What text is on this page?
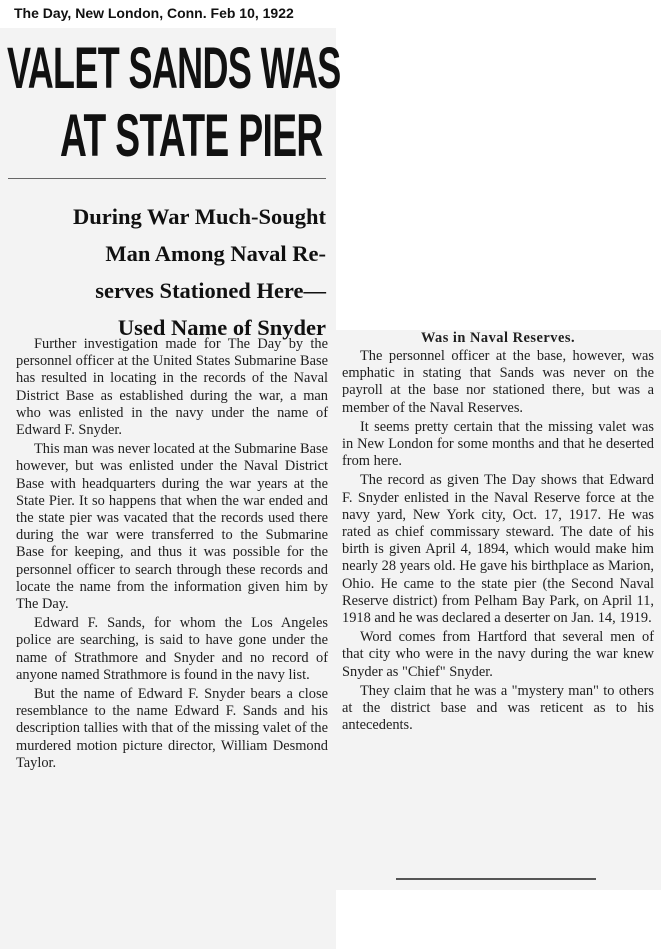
The Day, New London, Conn. Feb 10, 1922
VALET SANDS WAS
AT STATE PIER
During War Much-Sought
Man Among Naval Re-
serves Stationed Here—
Used Name of Snyder

Further investigation made for The Day by the personnel officer at the United States Submarine Base has resulted in locating in the records of the Naval District Base as established during the war, a man who was enlisted in the navy under the name of Edward F. Snyder.

This man was never located at the Submarine Base however, but was enlisted under the Naval District Base with headquarters during the war years at the State Pier. It so happens that when the war ended and the state pier was vacated that the records used there during the war were transferred to the Submarine Base for keeping, and thus it was possible for the personnel officer to search through these records and locate the name from the information given him by The Day.

Edward F. Sands, for whom the Los Angeles police are searching, is said to have gone under the name of Strathmore and Snyder and no record of anyone named Strathmore is found in the navy list.

But the name of Edward F. Snyder bears a close resemblance to the name Edward F. Sands and his description tallies with that of the missing valet of the murdered motion picture director, William Desmond Taylor.

Was in Naval Reserves.

The personnel officer at the base, however, was emphatic in stating that Sands was never on the payroll at the base nor stationed there, but was a member of the Naval Reserves.

It seems pretty certain that the missing valet was in New London for some months and that he deserted from here.

The record as given The Day shows that Edward F. Snyder enlisted in the Naval Reserve force at the navy yard, New York city, Oct. 17, 1917. He was rated as chief commissary steward. The date of his birth is given April 4, 1894, which would make him nearly 28 years old. He gave his birthplace as Marion, Ohio. He came to the state pier (the Second Naval Reserve district) from Pelham Bay Park, on April 11, 1918 and he was declared a deserter on Jan. 14, 1919.

Word comes from Hartford that several men of that city who were in the navy during the war knew Snyder as "Chief" Snyder.

They claim that he was a "mystery man" to others at the district base and was reticent as to his antecedents.
